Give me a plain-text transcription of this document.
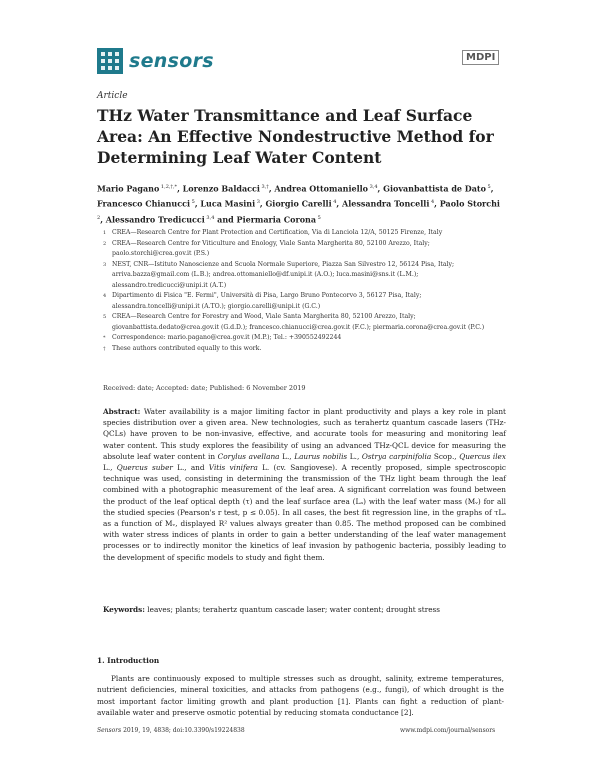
sensors	MDPI
Article
THz Water Transmittance and Leaf Surface Area: An Effective Nondestructive Method for Determining Leaf Water Content
Mario Pagano $^{1,2,\dagger,*}$, Lorenzo Baldacci $^{3,\dagger}$, Andrea Ottomaniello $^{3,4}$, Giovanbattista de Dato $^5$, Francesco Chianucci $^5$, Luca Masini $^3$, Giorgio Carelli $^4$, Alessandra Toncelli $^4$, Paolo Storchi $^2$, Alessandro Tredicucci $^{3,4}$ and Piermaria Corona $^5$
1 CREA—Research Centre for Plant Protection and Certification, Via di Lanciola 12/A, 50125 Firenze, Italy
2 CREA—Research Centre for Viticulture and Enology, Viale Santa Margherita 80, 52100 Arezzo, Italy; paolo.storchi@crea.gov.it (P.S.)
3 NEST, CNR—Istituto Nanoscienze and Scuola Normale Superiore, Piazza San Silvestro 12, 56124 Pisa, Italy; arriva.bazza@gmail.com (L.B.); andrea.ottomaniello@df.unipi.it (A.O.); luca.masini@sns.it (L.M.); alessandro.tredicucci@unipi.it (A.T.)
4 Dipartimento di Fisica "E. Fermi", Università di Pisa, Largo Bruno Pontecorvo 3, 56127 Pisa, Italy; alessandra.toncelli@unipi.it (A.TO.); giorgio.carelli@unipi.it (G.C.)
5 CREA—Research Centre for Forestry and Wood, Viale Santa Margherita 80, 52100 Arezzo, Italy; giovanbattista.dedato@crea.gov.it (G.d.D.); francesco.chianucci@crea.gov.it (F.C.); piermaria.corona@crea.gov.it (P.C.)
* Correspondence: mario.pagano@crea.gov.it (M.P.); Tel.: +390552492244
† These authors contributed equally to this work.
Received: date; Accepted: date; Published: 6 November 2019
Abstract: Water availability is a major limiting factor in plant productivity and plays a key role in plant species distribution over a given area. New technologies, such as terahertz quantum cascade lasers (THz-QCLs) have proven to be non-invasive, effective, and accurate tools for measuring and monitoring leaf water content. This study explores the feasibility of using an advanced THz-QCL device for measuring the absolute leaf water content in Corylus avellana L., Laurus nobilis L., Ostrya carpinifolia Scop., Quercus ilex L., Quercus suber L., and Vitis vinifera L. (cv. Sangiovese). A recently proposed, simple spectroscopic technique was used, consisting in determining the transmission of the THz light beam through the leaf combined with a photographic measurement of the leaf area. A significant correlation was found between the product of the leaf optical depth (τ) and the leaf surface area (Lₐ) with the leaf water mass (Mᵥ) for all the studied species (Pearson's r test, p ≤ 0.05). In all cases, the best fit regression line, in the graphs of τLₐ as a function of Mᵥ, displayed R² values always greater than 0.85. The method proposed can be combined with water stress indices of plants in order to gain a better understanding of the leaf water management processes or to indirectly monitor the kinetics of leaf invasion by pathogenic bacteria, possibly leading to the development of specific models to study and fight them.
Keywords: leaves; plants; terahertz quantum cascade laser; water content; drought stress
1. Introduction
Plants are continuously exposed to multiple stresses such as drought, salinity, extreme temperatures, nutrient deficiencies, mineral toxicities, and attacks from pathogens (e.g., fungi), of which drought is the most important factor limiting growth and plant production [1]. Plants can fight a reduction of plant-available water and preserve osmotic potential by reducing stomata conductance [2].
Sensors 2019, 19, 4838; doi:10.3390/s19224838	www.mdpi.com/journal/sensors
